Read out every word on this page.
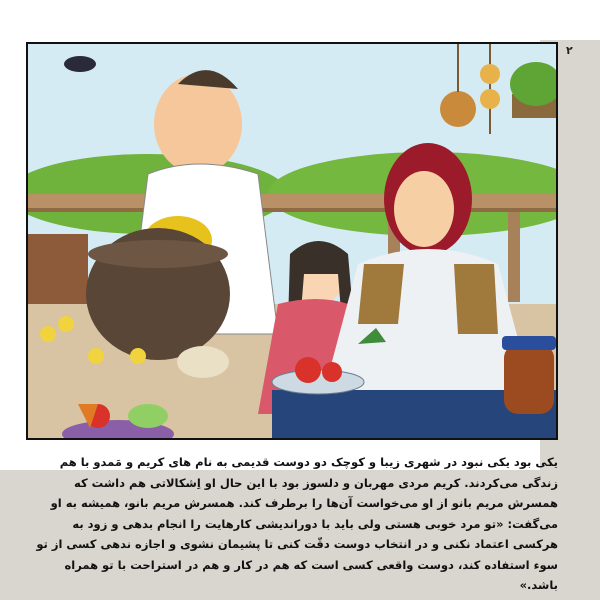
۲

یکی بود یکی نبود در شهری زیبا و کوچک دو دوست قدیمی به نام های کریم و مَمدو با هم زندگی می‌کردند. کریم مردی مهربان و دلسوز بود با این حال او اِشکالاتی هم داشت که همسرش مریم بانو از او می‌خواست آن‌ها را برطرف کند. همسرش مریم بانو، همیشه به او می‌گفت: «تو مرد خوبی هستی ولی باید با دوراندیشی کارهایت را انجام بدهی و زود به هرکسی اعتماد نکنی و در انتخاب دوست دقّت کنی تا پشیمان نشوی و اجازه ندهی کسی از تو سوء استفاده کند، دوست واقعی کسی است که هم در کار و هم در استراحت با تو همراه باشد.»
